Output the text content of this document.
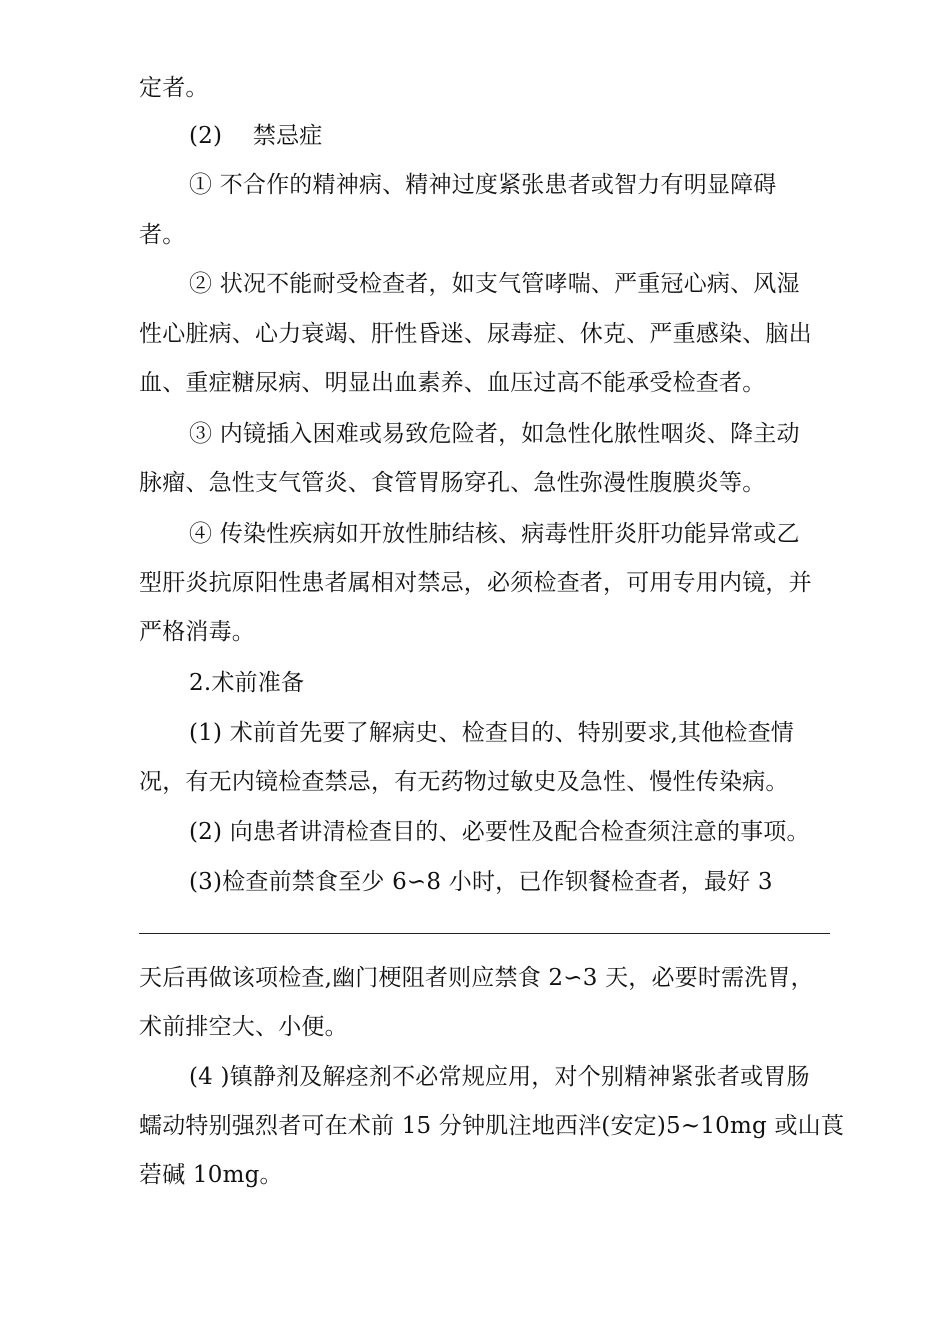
定者。
(2)　 禁忌症
① 不合作的精神病、精神过度紧张患者或智力有明显障碍
者。
② 状况不能耐受检查者，如支气管哮喘、严重冠心病、风湿
性心脏病、心力衰竭、肝性昏迷、尿毒症、休克、严重感染、脑出
血、重症糖尿病、明显出血素养、血压过高不能承受检查者。
③ 内镜插入困难或易致危险者，如急性化脓性咽炎、降主动
脉瘤、急性支气管炎、食管胃肠穿孔、急性弥漫性腹膜炎等。
④ 传染性疾病如开放性肺结核、病毒性肝炎肝功能异常或乙
型肝炎抗原阳性患者属相对禁忌，必须检查者，可用专用内镜，并
严格消毒。
2.术前准备
(1) 术前首先要了解病史、检查目的、特别要求,其他检查情
况，有无内镜检查禁忌，有无药物过敏史及急性、慢性传染病。
(2) 向患者讲清检查目的、必要性及配合检查须注意的事项。
(3)检查前禁食至少 6∽8 小时，已作钡餐检查者，最好 3
天后再做该项检查,幽门梗阻者则应禁食 2∽3 天，必要时需洗胃，
术前排空大、小便。
(4 )镇静剂及解痉剂不必常规应用，对个别精神紧张者或胃肠
蠕动特别强烈者可在术前 15 分钟肌注地西泮(安定)5~10mg 或山莨
菪碱 10mg。
